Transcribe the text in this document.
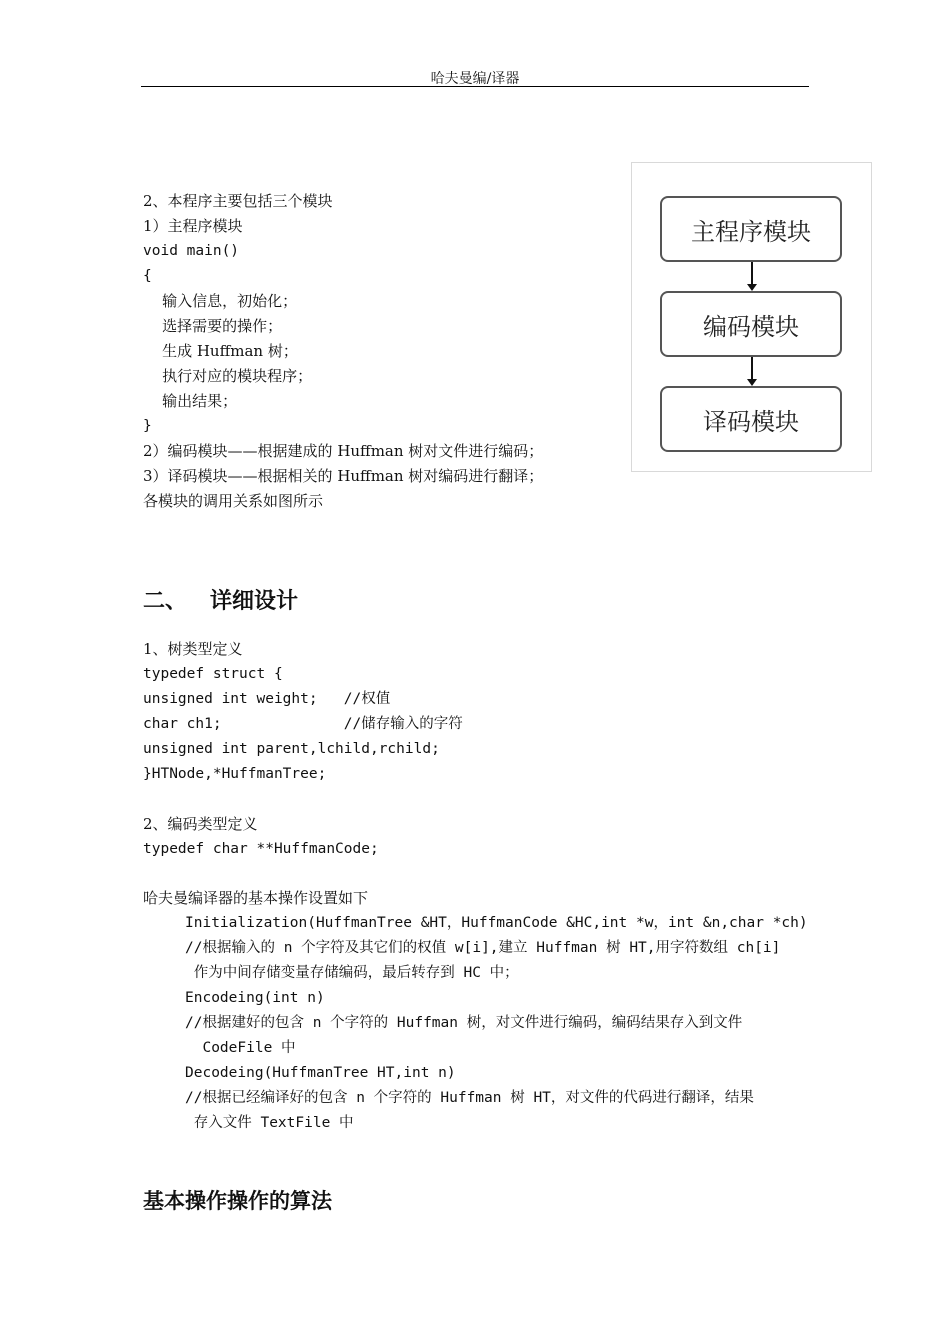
哈夫曼编/译器
2、本程序主要包括三个模块
1）主程序模块
void main()
{
输入信息，初始化；
选择需要的操作；
生成 Huffman 树；
执行对应的模块程序；
输出结果；
}
2）编码模块——根据建成的 Huffman 树对文件进行编码；
3）译码模块——根据相关的 Huffman 树对编码进行翻译；
各模块的调用关系如图所示
主程序模块
编码模块
译码模块
二、   详细设计
1、树类型定义
typedef struct {
unsigned int weight;   //权值
char ch1;              //储存输入的字符
unsigned int parent,lchild,rchild;
}HTNode,*HuffmanTree;
2、编码类型定义
typedef char **HuffmanCode;
哈夫曼编译器的基本操作设置如下
Initialization(HuffmanTree &HT，HuffmanCode &HC,int *w，int &n,char *ch)
//根据输入的 n 个字符及其它们的权值 w[i],建立 Huffman 树 HT,用字符数组 ch[i]
作为中间存储变量存储编码，最后转存到 HC 中；
Encodeing(int n)
//根据建好的包含 n 个字符的 Huffman 树，对文件进行编码，编码结果存入到文件
CodeFile 中
Decodeing(HuffmanTree HT,int n)
//根据已经编译好的包含 n 个字符的 Huffman 树 HT，对文件的代码进行翻译，结果
存入文件 TextFile 中
基本操作操作的算法
